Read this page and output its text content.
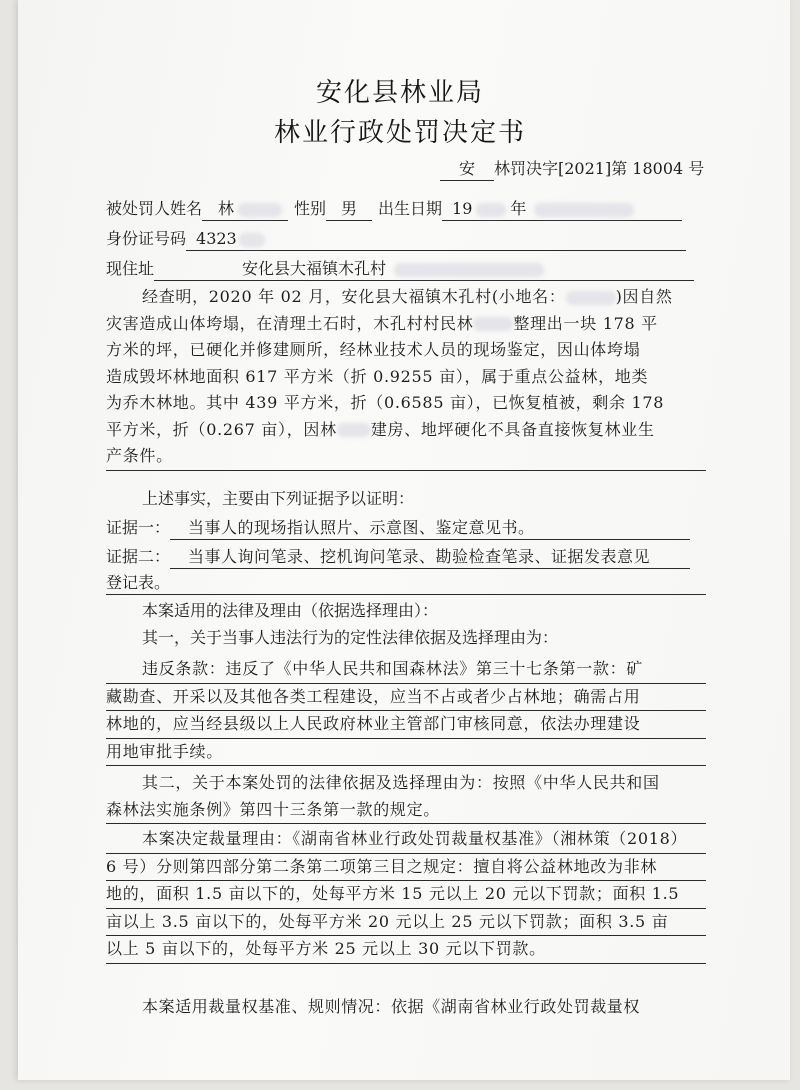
安化县林业局
林业行政处罚决定书
安 林罚决字[2021]第 18004 号
被处罚人姓名 林	性别 男 出生日期 19 年
身份证号码 4323
现住址	安化县大福镇木孔村
经查明，2020 年 02 月，安化县大福镇木孔村(小地名：	)因自然
灾害造成山体垮塌，在清理土石时，木孔村村民林	整理出一块 178 平
方米的坪，已硬化并修建厕所，经林业技术人员的现场鉴定，因山体垮塌
造成毁坏林地面积 617 平方米（折 0.9255 亩），属于重点公益林，地类
为乔木林地。其中 439 平方米，折（0.6585 亩），已恢复植被，剩余 178
平方米，折（0.267 亩），因林 建房、地坪硬化不具备直接恢复林业生
产条件。
上述事实，主要由下列证据予以证明：
证据一： 当事人的现场指认照片、示意图、鉴定意见书。
证据二： 当事人询问笔录、挖机询问笔录、勘验检查笔录、证据发表意见
登记表。
本案适用的法律及理由（依据选择理由）：
其一，关于当事人违法行为的定性法律依据及选择理由为：
违反条款：违反了《中华人民共和国森林法》第三十七条第一款：矿
藏勘查、开采以及其他各类工程建设，应当不占或者少占林地；确需占用
林地的，应当经县级以上人民政府林业主管部门审核同意，依法办理建设
用地审批手续。
其二，关于本案处罚的法律依据及选择理由为：按照《中华人民共和国
森林法实施条例》第四十三条第一款的规定。
本案决定裁量理由：《湖南省林业行政处罚裁量权基准》（湘林策（2018）
6 号）分则第四部分第二条第二项第三目之规定：擅自将公益林地改为非林
地的，面积 1.5 亩以下的，处每平方米 15 元以上 20 元以下罚款；面积 1.5
亩以上 3.5 亩以下的，处每平方米 20 元以上 25 元以下罚款；面积 3.5 亩
以上 5 亩以下的，处每平方米 25 元以上 30 元以下罚款。
本案适用裁量权基准、规则情况：依据《湖南省林业行政处罚裁量权
